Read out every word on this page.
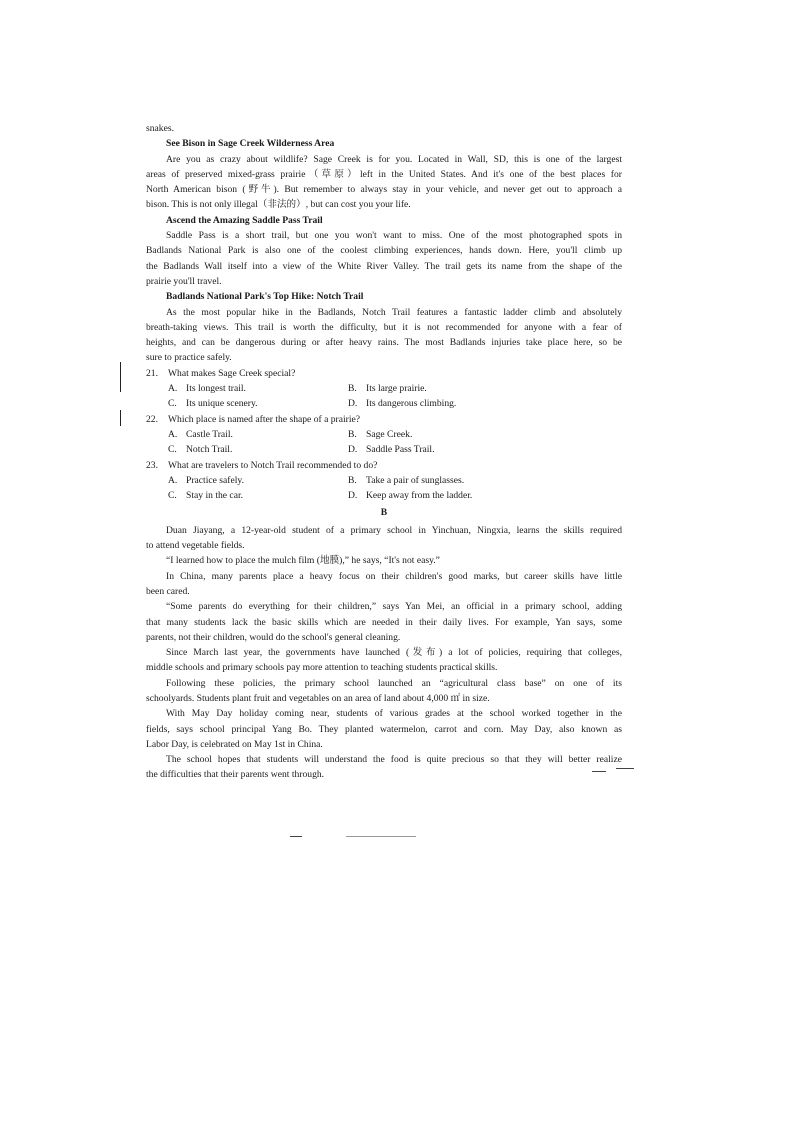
snakes.

See Bison in Sage Creek Wilderness Area

Are you as crazy about wildlife? Sage Creek is for you. Located in Wall, SD, this is one of the largest

areas of preserved mixed-grass prairie（草原）left in the United States. And it's one of the best places for

North American bison (野牛). But remember to always stay in your vehicle, and never get out to approach a

bison. This is not only illegal（非法的）, but can cost you your life.

Ascend the Amazing Saddle Pass Trail

Saddle Pass is a short trail, but one you won't want to miss. One of the most photographed spots in

Badlands National Park is also one of the coolest climbing experiences, hands down. Here, you'll climb up

the Badlands Wall itself into a view of the White River Valley. The trail gets its name from the shape of the

prairie you'll travel.

Badlands National Park's Top Hike: Notch Trail

As the most popular hike in the Badlands, Notch Trail features a fantastic ladder climb and absolutely

breath-taking views. This trail is worth the difficulty, but it is not recommended for anyone with a fear of

heights, and can be dangerous during or after heavy rains. The most Badlands injuries take place here, so be

sure to practice safely.

21.	What makes Sage Creek special?
A. Its longest trail.	B. Its large prairie.
C. Its unique scenery.	D. Its dangerous climbing.
22.	Which place is named after the shape of a prairie?
A. Castle Trail.	B. Sage Creek.
C. Notch Trail.	D. Saddle Pass Trail.
23.	What are travelers to Notch Trail recommended to do?
A. Practice safely.	B. Take a pair of sunglasses.
C. Stay in the car.	D. Keep away from the ladder.
B

Duan Jiayang, a 12-year-old student of a primary school in Yinchuan, Ningxia, learns the skills required

to attend vegetable fields.

“I learned how to place the mulch film (地膜),” he says, “It's not easy.”

In China, many parents place a heavy focus on their children's good marks, but career skills have little

been cared.

“Some parents do everything for their children,” says Yan Mei, an official in a primary school, adding

that many students lack the basic skills which are needed in their daily lives. For example, Yan says, some

parents, not their children, would do the school's general cleaning.

Since March last year, the governments have launched (发布) a lot of policies, requiring that colleges,

middle schools and primary schools pay more attention to teaching students practical skills.

Following these policies, the primary school launched an “agricultural class base” on one of its

schoolyards. Students plant fruit and vegetables on an area of land about 4,000 ㎡ in size.

With May Day holiday coming near, students of various grades at the school worked together in the

fields, says school principal Yang Bo. They planted watermelon, carrot and corn. May Day, also known as

Labor Day, is celebrated on May 1st in China.

The school hopes that students will understand the food is quite precious so that they will better realize

the difficulties that their parents went through.
